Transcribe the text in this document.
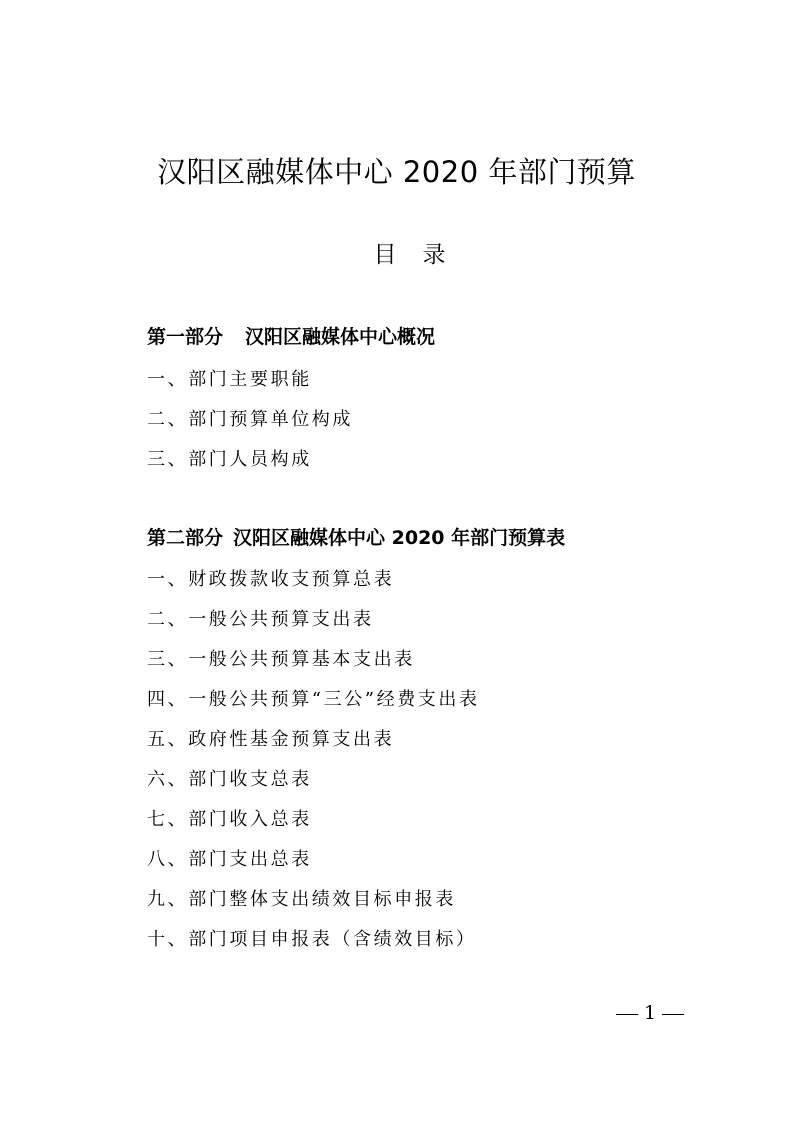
汉阳区融媒体中心 2020 年部门预算
目录
第一部分 汉阳区融媒体中心概况
一、部门主要职能
二、部门预算单位构成
三、部门人员构成
第二部分 汉阳区融媒体中心 2020 年部门预算表
一、财政拨款收支预算总表
二、一般公共预算支出表
三、一般公共预算基本支出表
四、一般公共预算“三公”经费支出表
五、政府性基金预算支出表
六、部门收支总表
七、部门收入总表
八、部门支出总表
九、部门整体支出绩效目标申报表
十、部门项目申报表（含绩效目标）
1
